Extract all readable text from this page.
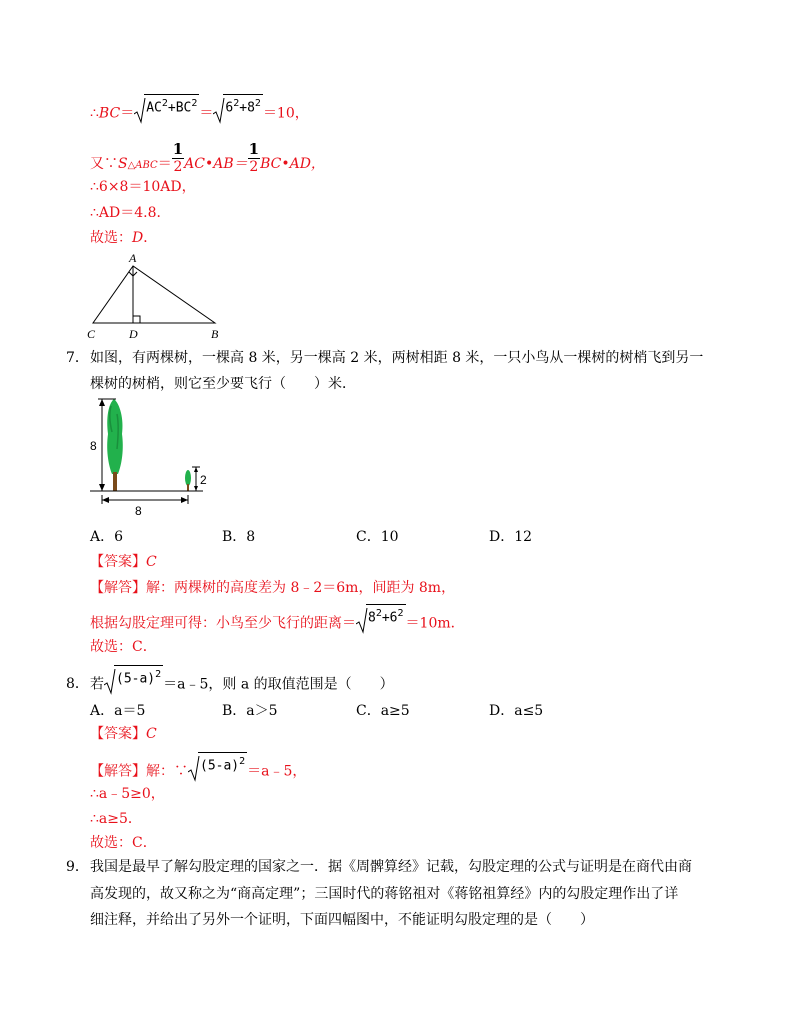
∴BC＝ $AC^2+BC^2= 6^2+8^2=10$，
又∵S△ABC＝ $\frac{1}{2}$ AC•AB＝ $\frac{1}{2}$ BC•AD，
∴6×8＝10AD，
∴AD＝4.8．
故选：D．
A
C	D	B
7． 如图，有两棵树，一棵高 8 米，另一棵高 2 米，两树相距 8 米，一只小鸟从一棵树的树梢飞到另一
棵树的树梢，则它至少要飞行（　　）米．
8
2
8
A．6	B．8	C．10	D．12
【答案】C
【解答】解：两棵树的高度差为 8﹣2＝6m，间距为 8m，
根据勾股定理可得：小鸟至少飞行的距离＝ $8^2+6^2=10m$．
故选：C．
8． 若 $(5-a)^2=a﹣5$，则 a 的取值范围是（　　）
A．a＝5	B．a＞5	C．a≥5	D．a≤5
【答案】C
【解答】解：∵ $(5-a)^2=a﹣5$，
∴a﹣5≥0，
∴a≥5．
故选：C．
9． 我国是最早了解勾股定理的国家之一．据《周髀算经》记载，勾股定理的公式与证明是在商代由商
高发现的，故又称之为“商高定理”；三国时代的蒋铭祖对《蒋铭祖算经》内的勾股定理作出了详
细注释，并给出了另外一个证明，下面四幅图中，不能证明勾股定理的是（　　）
